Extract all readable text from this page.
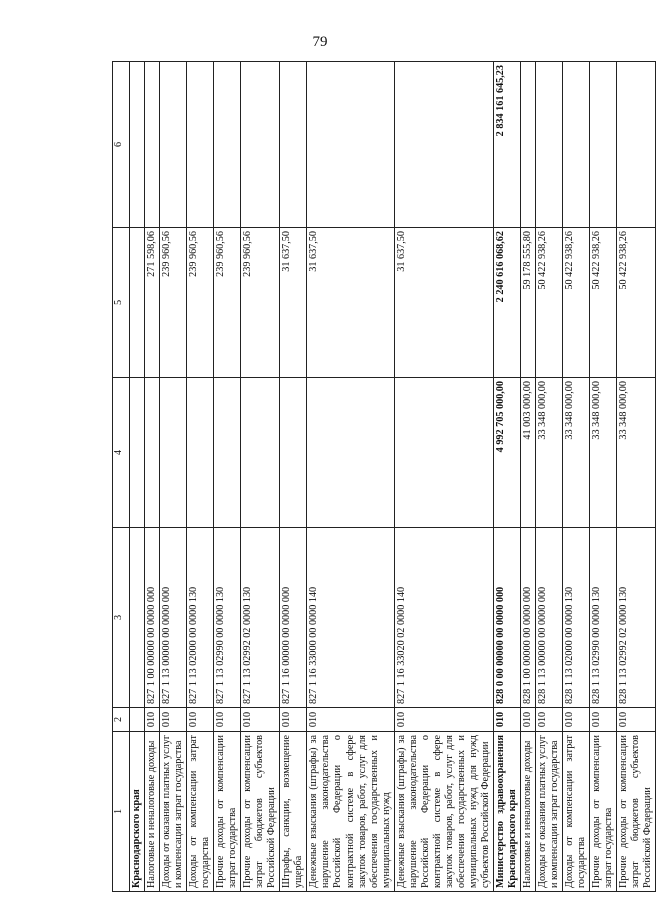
79
1	2	3	4	5	6
Краснодарского края					
Налоговые и неналоговые доходы	010	827 1 00 00000 00 0000 000		271 598,06	
Доходы от оказания платных услуг и компенсации затрат государства	010	827 1 13 00000 00 0000 000		239 960,56	
Доходы от компенсации затрат государства	010	827 1 13 02000 00 0000 130		239 960,56	
Прочие доходы от компенсации затрат государства	010	827 1 13 02990 00 0000 130		239 960,56	
Прочие доходы от компенсации затрат бюджетов субъектов Российской Федерации	010	827 1 13 02992 02 0000 130		239 960,56	
Штрафы, санкции, возмещение ущерба	010	827 1 16 00000 00 0000 000		31 637,50	
Денежные взыскания (штрафы) за нарушение законодательства Российской Федерации о контрактной системе в сфере закупок товаров, работ, услуг для обеспечения государственных и муниципальных нужд	010	827 1 16 33000 00 0000 140		31 637,50	
Денежные взыскания (штрафы) за нарушение законодательства Российской Федерации о контрактной системе в сфере закупок товаров, работ, услуг для обеспечения государственных и муниципальных нужд для нужд субъектов Российской Федерации	010	827 1 16 33020 02 0000 140		31 637,50	
Министерство здравоохранения Краснодарского края	010	828 0 00 00000 00 0000 000	4 992 705 000,00	2 240 616 068,62	2 834 161 645,23
Налоговые и неналоговые доходы	010	828 1 00 00000 00 0000 000	41 003 000,00	59 178 555,80	
Доходы от оказания платных услуг и компенсации затрат государства	010	828 1 13 00000 00 0000 000	33 348 000,00	50 422 938,26	
Доходы от компенсации затрат государства	010	828 1 13 02000 00 0000 130	33 348 000,00	50 422 938,26	
Прочие доходы от компенсации затрат государства	010	828 1 13 02990 00 0000 130	33 348 000,00	50 422 938,26	
Прочие доходы от компенсации затрат бюджетов субъектов Российской Федерации	010	828 1 13 02992 02 0000 130	33 348 000,00	50 422 938,26	
